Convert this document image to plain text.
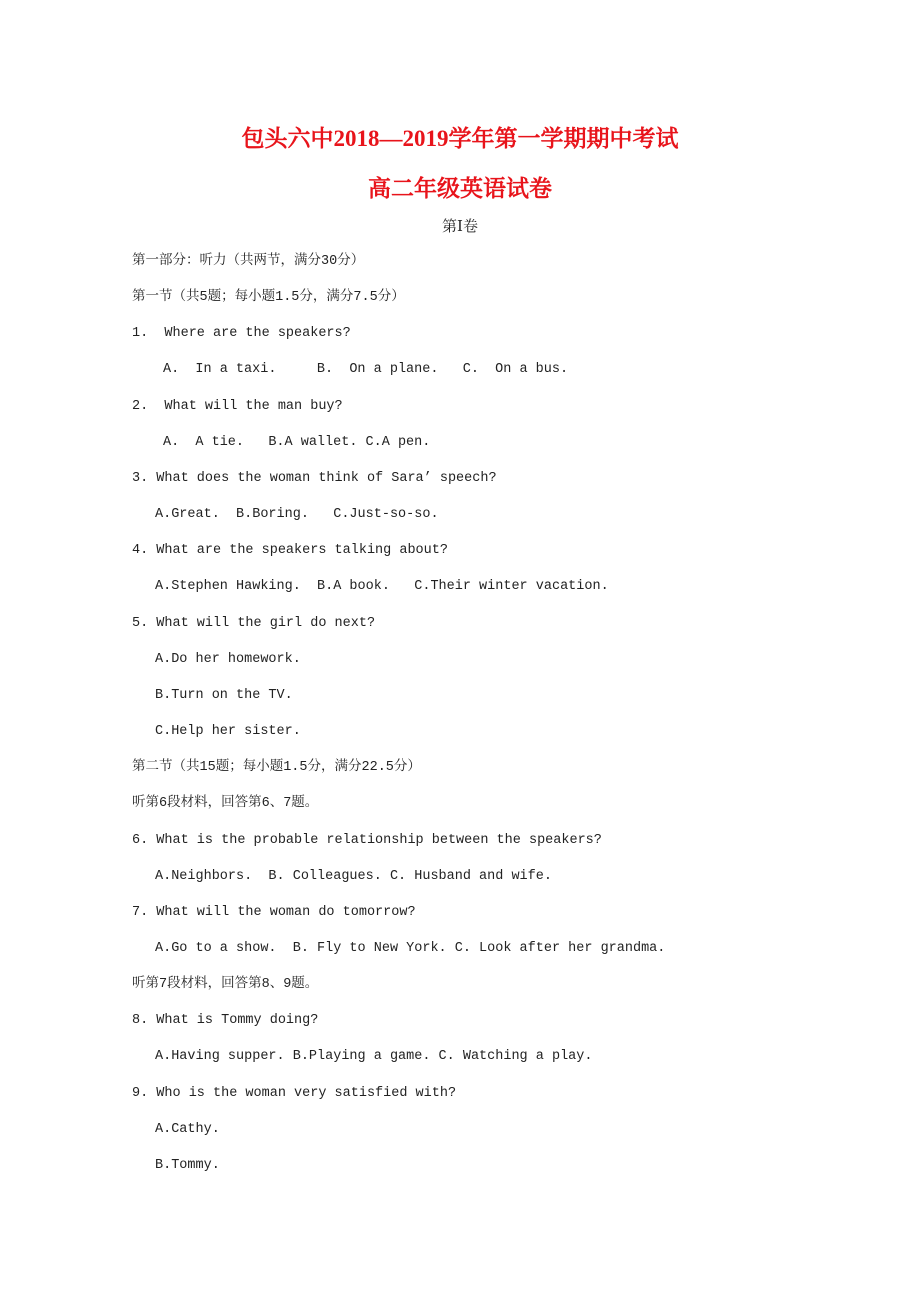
包头六中2018—2019学年第一学期期中考试
高二年级英语试卷
第Ⅰ卷
第一部分：听力（共两节，满分30分）
第一节（共5题；每小题1.5分，满分7.5分）
1.  Where are the speakers?
A.  In a taxi.     B.  On a plane.   C.  On a bus.
2.  What will the man buy?
A.  A tie.   B.A wallet. C.A pen.
3. What does the woman think of Sara’ speech?
A.Great.  B.Boring.   C.Just-so-so.
4. What are the speakers talking about?
A.Stephen Hawking.  B.A book.   C.Their winter vacation.
5. What will the girl do next?
A.Do her homework.
B.Turn on the TV.
C.Help her sister.
第二节（共15题；每小题1.5分，满分22.5分）
听第6段材料，回答第6、7题。
6. What is the probable relationship between the speakers?
A.Neighbors.  B. Colleagues. C. Husband and wife.
7. What will the woman do tomorrow?
A.Go to a show.  B. Fly to New York. C. Look after her grandma.
听第7段材料，回答第8、9题。
8. What is Tommy doing?
A.Having supper. B.Playing a game. C. Watching a play.
9. Who is the woman very satisfied with?
A.Cathy.
B.Tommy.
